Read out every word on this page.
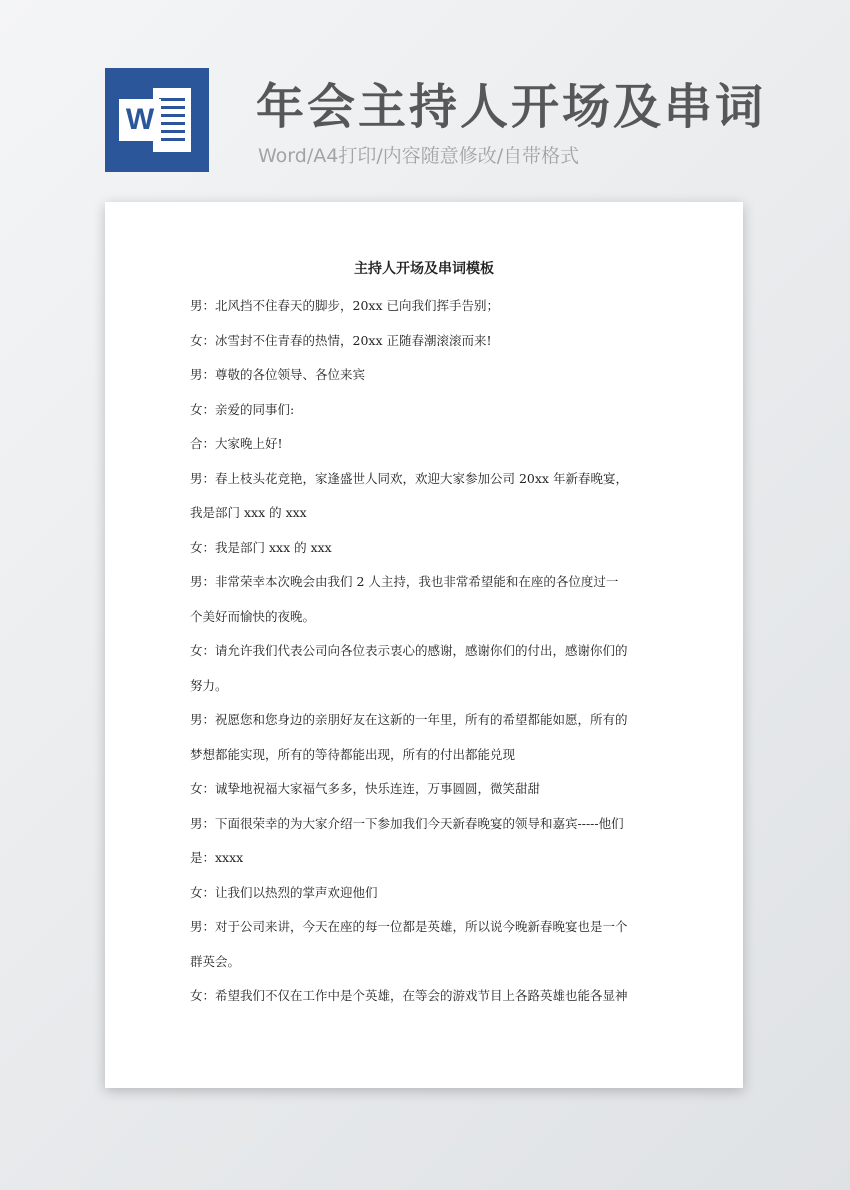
W 年会主持人开场及串词
Word/A4打印/内容随意修改/自带格式
主持人开场及串词模板
男：北风挡不住春天的脚步，20xx 已向我们挥手告别；
女：冰雪封不住青春的热情，20xx 正随春潮滚滚而来!
男：尊敬的各位领导、各位来宾
女：亲爱的同事们:
合：大家晚上好!
男：春上枝头花竞艳，家逢盛世人同欢，欢迎大家参加公司 20xx 年新春晚宴，
我是部门 xxx 的 xxx
女：我是部门 xxx 的 xxx
男：非常荣幸本次晚会由我们 2 人主持，我也非常希望能和在座的各位度过一
个美好而愉快的夜晚。
女：请允许我们代表公司向各位表示衷心的感谢，感谢你们的付出，感谢你们的
努力。
男：祝愿您和您身边的亲朋好友在这新的一年里，所有的希望都能如愿，所有的
梦想都能实现，所有的等待都能出现，所有的付出都能兑现
女：诚挚地祝福大家福气多多，快乐连连，万事圆圆，微笑甜甜
男：下面很荣幸的为大家介绍一下参加我们今天新春晚宴的领导和嘉宾-----他们
是：xxxx
女：让我们以热烈的掌声欢迎他们
男：对于公司来讲，今天在座的每一位都是英雄，所以说今晚新春晚宴也是一个
群英会。
女：希望我们不仅在工作中是个英雄，在等会的游戏节目上各路英雄也能各显神
